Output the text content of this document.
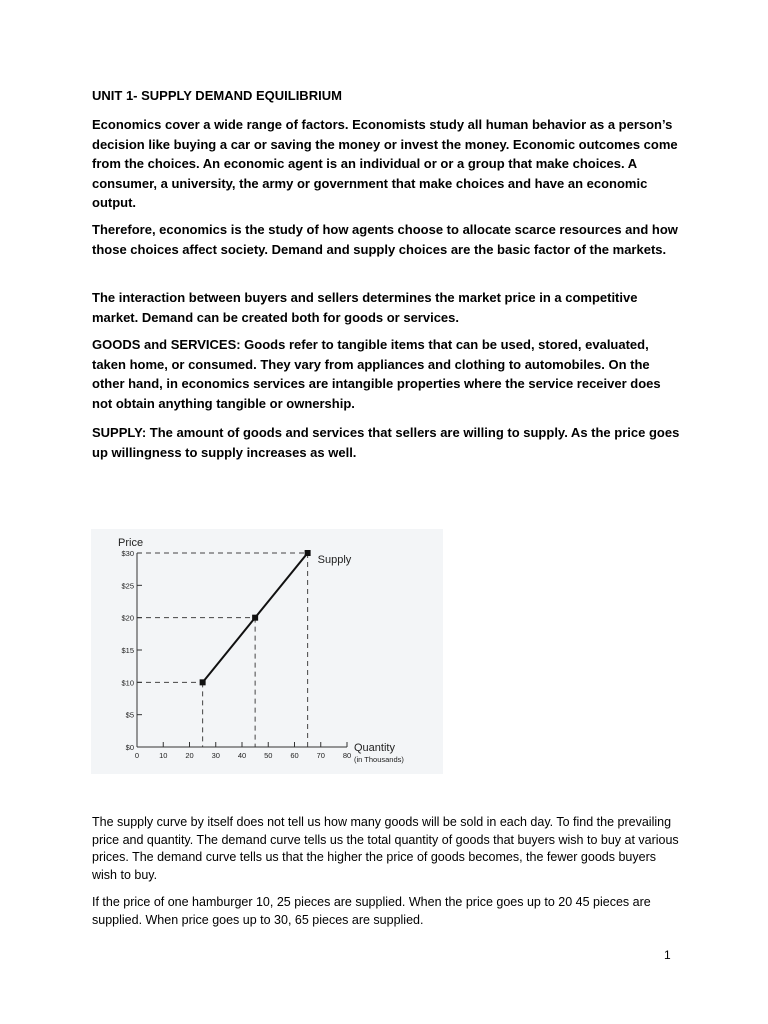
UNIT 1- SUPPLY DEMAND EQUILIBRIUM

Economics cover a wide range of factors. Economists study all human behavior as a person’s decision like buying a car or saving the money or invest the money. Economic outcomes come from the choices. An economic agent is an individual or or a group that make choices. A consumer, a university, the army or government that make choices and have an economic output.

Therefore, economics is the study of how agents choose to allocate scarce resources and how those choices affect society. Demand and supply choices are the basic factor of the markets.

The interaction between buyers and sellers determines the market price in a competitive market. Demand can be created both for goods or services.

GOODS and SERVICES: Goods refer to tangible items that can be used, stored, evaluated, taken home, or consumed. They vary from appliances and clothing to automobiles. On the other hand, in economics services are intangible properties where the service receiver does not obtain anything tangible or ownership.

SUPPLY: The amount of goods and services that sellers are willing to supply. As the price goes up willingness to supply increases as well.

$0
$5
$10
$15
$20
$25
$30
0	10 20 30 40 50 60 70 80
Price
Quantity
(in Thousands)
Supply

The supply curve by itself does not tell us how many goods will be sold in each day. To find the prevailing price and quantity. The demand curve tells us the total quantity of goods that buyers wish to buy at various prices. The demand curve tells us that the higher the price of goods becomes, the fewer goods buyers wish to buy.

If the price of one hamburger 10, 25 pieces are supplied. When the price goes up to 20 45 pieces are supplied. When price goes up to 30, 65 pieces are supplied.

1
